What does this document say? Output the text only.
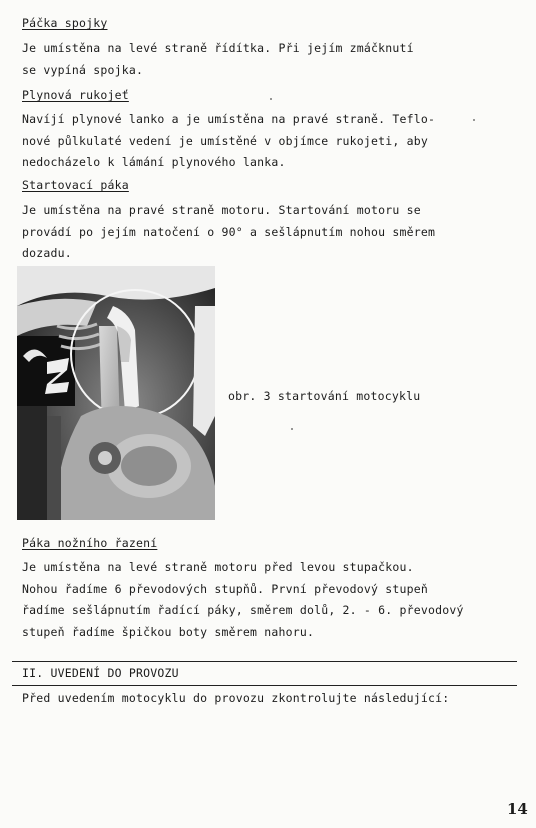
Páčka spojky
Je umístěna na levé straně řídítka. Při jejím zmáčknutí
se vypíná spojka.
Plynová rukojeť
Navíjí plynové lanko a je umístěna na pravé straně. Teflo-
nové půlkulaté vedení je umístěné v objímce rukojeti, aby
nedocházelo k lámání plynového lanka.
Startovací páka
Je umístěna na pravé straně motoru. Startování motoru se
provádí po jejím natočení o 90° a sešlápnutím nohou směrem
dozadu.
obr. 3 startování motocyklu
Páka nožního řazení
Je umístěna na levé straně motoru před levou stupačkou.
Nohou řadíme 6 převodových stupňů. První převodový stupeň
řadíme sešlápnutím řadící páky, směrem dolů, 2. - 6. převodový
stupeň řadíme špičkou boty směrem nahoru.
II. UVEDENÍ DO PROVOZU
Před uvedením motocyklu do provozu zkontrolujte následující:
14
